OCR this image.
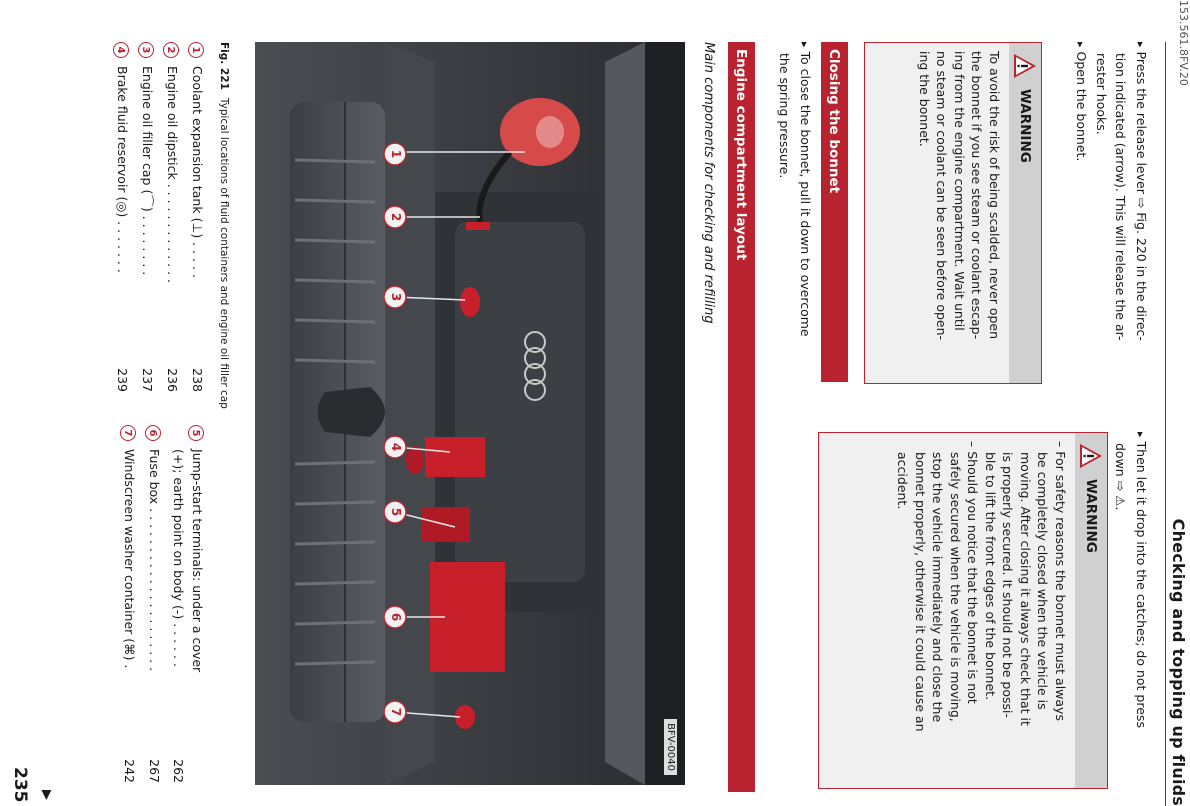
153.561.8FV.20
Checking and topping up fluids

▸ Press the release lever ⇨ Fig. 220 in the direc-

tion indicated (arrow). This will release the ar-

rester hooks.

▸ Open the bonnet.

WARNING
To avoid the risk of being scalded, never open
the bonnet if you see steam or coolant escap-
ing from the engine compartment. Wait until
no steam or coolant can be seen before open-
ing the bonnet.
Closing the bonnet

▸ To close the bonnet, pull it down to overcome

the spring pressure.

▸ Then let it drop into the catches; do not press

down ⇨ ⚠.

WARNING
– For safety reasons the bonnet must always
be completely closed when the vehicle is
moving. After closing it always check that it
is properly secured. It should not be possi-
ble to lift the front edges of the bonnet.
– Should you notice that the bonnet is not
safely secured when the vehicle is moving,
stop the vehicle immediately and close the
bonnet properly, otherwise it could cause an
accident.
Engine compartment layout
Main components for checking and refilling
1
2
3
4
5
6
7
BFV-0040
Fig. 221Typical locations of fluid containers and engine oil filler cap
1
Coolant expansion tank (⊥) . . . . .
238
2
Engine oil dipstick . . . . . . . . . . . . .
236
3
Engine oil filler cap (⌒) . . . . . . . .
237
4
Brake fluid reservoir (◎) . . . . . . .
239
5
Jump-start terminals: under a cover
(+); earth point on body (-) . . . . . .
262
6
Fuse box . . . . . . . . . . . . . . . . . . . . .
267
7
Windscreen washer container (⌘) .
242
▶
235
